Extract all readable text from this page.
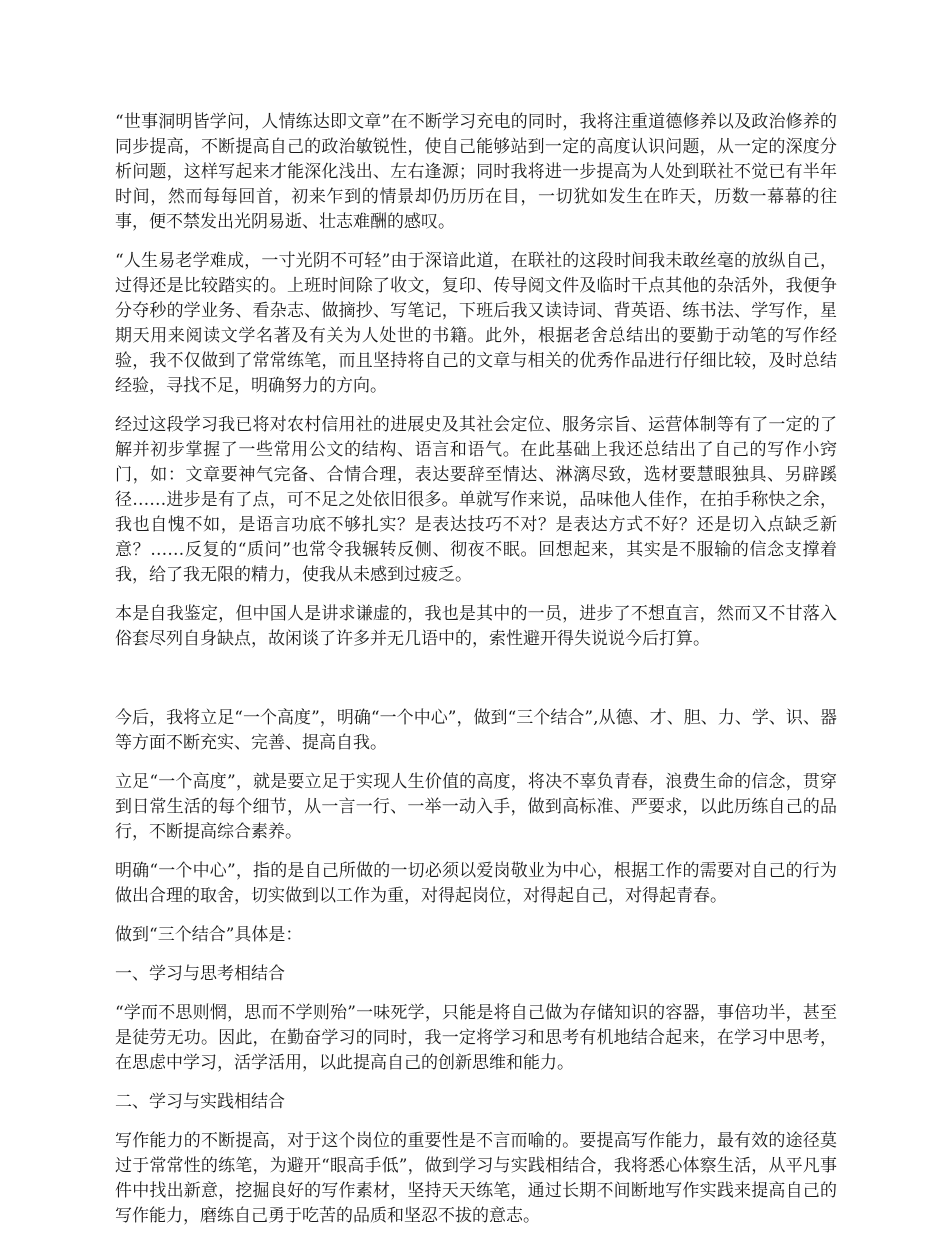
“世事洞明皆学问，人情练达即文章”在不断学习充电的同时，我将注重道德修养以及政治修养的同步提高，不断提高自己的政治敏锐性，使自己能够站到一定的高度认识问题，从一定的深度分析问题，这样写起来才能深化浅出、左右逢源；同时我将进一步提高为人处到联社不觉已有半年时间，然而每每回首，初来乍到的情景却仍历历在目，一切犹如发生在昨天，历数一幕幕的往事，便不禁发出光阴易逝、壮志难酬的感叹。

“人生易老学难成，一寸光阴不可轻”由于深谙此道，在联社的这段时间我未敢丝毫的放纵自己，过得还是比较踏实的。上班时间除了收文，复印、传导阅文件及临时干点其他的杂活外，我便争分夺秒的学业务、看杂志、做摘抄、写笔记，下班后我又读诗词、背英语、练书法、学写作，星期天用来阅读文学名著及有关为人处世的书籍。此外，根据老舍总结出的要勤于动笔的写作经验，我不仅做到了常常练笔，而且坚持将自己的文章与相关的优秀作品进行仔细比较，及时总结经验，寻找不足，明确努力的方向。

经过这段学习我已将对农村信用社的进展史及其社会定位、服务宗旨、运营体制等有了一定的了解并初步掌握了一些常用公文的结构、语言和语气。在此基础上我还总结出了自己的写作小窍门，如：文章要神气完备、合情合理，表达要辞至情达、淋漓尽致，选材要慧眼独具、另辟蹊径……进步是有了点，可不足之处依旧很多。单就写作来说，品味他人佳作，在拍手称快之余，我也自愧不如，是语言功底不够扎实？是表达技巧不对？是表达方式不好？还是切入点缺乏新意？……反复的“质问”也常令我辗转反侧、彻夜不眠。回想起来，其实是不服输的信念支撑着我，给了我无限的精力，使我从未感到过疲乏。

本是自我鉴定，但中国人是讲求谦虚的，我也是其中的一员，进步了不想直言，然而又不甘落入俗套尽列自身缺点，故闲谈了许多并无几语中的，索性避开得失说说今后打算。

今后，我将立足“一个高度”，明确“一个中心”，做到“三个结合”,从德、才、胆、力、学、识、器等方面不断充实、完善、提高自我。

立足“一个高度”，就是要立足于实现人生价值的高度，将决不辜负青春，浪费生命的信念，贯穿到日常生活的每个细节，从一言一行、一举一动入手，做到高标准、严要求，以此历练自己的品行，不断提高综合素养。

明确“一个中心”，指的是自己所做的一切必须以爱岗敬业为中心，根据工作的需要对自己的行为做出合理的取舍，切实做到以工作为重，对得起岗位，对得起自己，对得起青春。

做到“三个结合”具体是：

一、学习与思考相结合

“学而不思则惘，思而不学则殆”一味死学，只能是将自己做为存储知识的容器，事倍功半，甚至是徒劳无功。因此，在勤奋学习的同时，我一定将学习和思考有机地结合起来，在学习中思考，在思虑中学习，活学活用，以此提高自己的创新思维和能力。

二、学习与实践相结合

写作能力的不断提高，对于这个岗位的重要性是不言而喻的。要提高写作能力，最有效的途径莫过于常常性的练笔，为避开“眼高手低”，做到学习与实践相结合，我将悉心体察生活，从平凡事件中找出新意，挖掘良好的写作素材，坚持天天练笔，通过长期不间断地写作实践来提高自己的写作能力，磨练自己勇于吃苦的品质和坚忍不拔的意志。
